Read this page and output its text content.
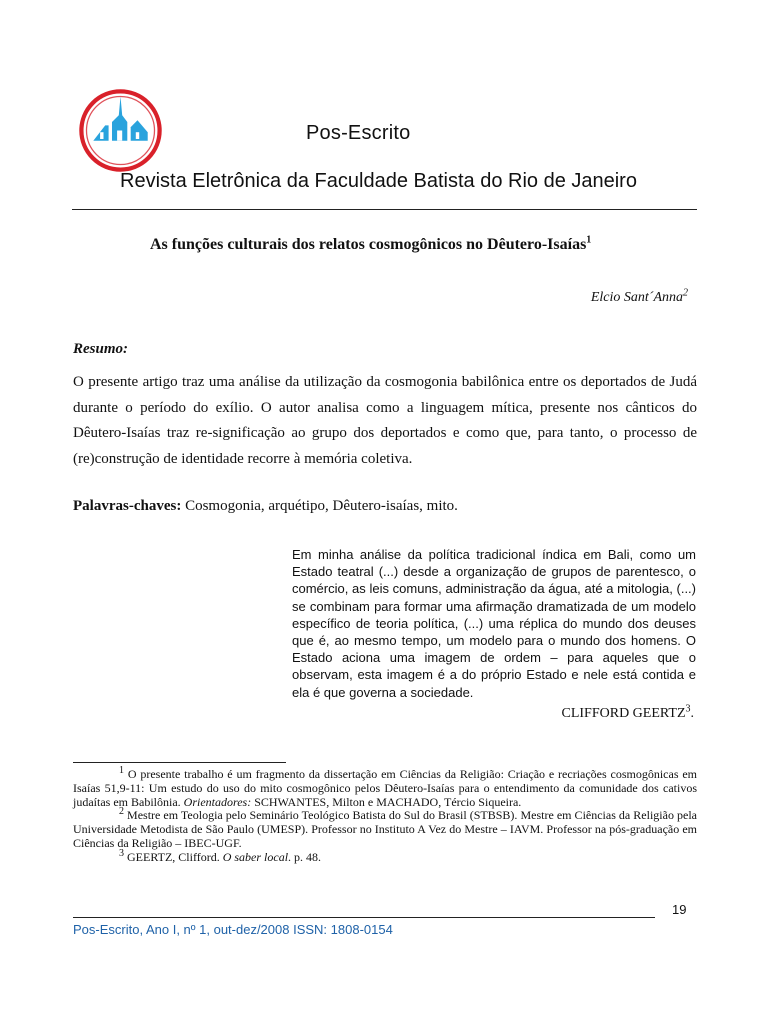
Pos-Escrito
Revista Eletrônica da Faculdade Batista do Rio de Janeiro
As funções culturais dos relatos cosmogônicos no Dêutero-Isaías$^1$
Elcio Sant´Anna$^2$
Resumo:

O presente artigo traz uma análise da utilização da cosmogonia babilônica entre os deportados de Judá durante o período do exílio. O autor analisa como a linguagem mítica, presente nos cânticos do Dêutero-Isaías traz re-significação ao grupo dos deportados e como que, para tanto, o processo de (re)construção de identidade recorre à memória coletiva.

Palavras-chaves: Cosmogonia, arquétipo, Dêutero-isaías, mito.

Em minha análise da política tradicional índica em Bali, como um Estado teatral (...) desde a organização de grupos de parentesco, o comércio, as leis comuns, administração da água, até a mitologia, (...) se combinam para formar uma afirmação dramatizada de um modelo específico de teoria política, (...) uma réplica do mundo dos deuses que é, ao mesmo tempo, um modelo para o mundo dos homens. O Estado aciona uma imagem de ordem – para aqueles que o observam, esta imagem é a do próprio Estado e nele está contida e ela é que governa a sociedade.

CLIFFORD GEERTZ$^3$.

$^1$ O presente trabalho é um fragmento da dissertação em Ciências da Religião: Criação e recriações cosmogônicas em Isaías 51,9-11: Um estudo do uso do mito cosmogônico pelos Dêutero-Isaías para o entendimento da comunidade dos cativos judaítas em Babilônia. Orientadores: SCHWANTES, Milton e MACHADO, Tércio Siqueira.

$^2$ Mestre em Teologia pelo Seminário Teológico Batista do Sul do Brasil (STBSB). Mestre em Ciências da Religião pela Universidade Metodista de São Paulo (UMESP). Professor no Instituto A Vez do Mestre – IAVM. Professor na pós-graduação em Ciências da Religião – IBEC-UGF.

$^3$ GEERTZ, Clifford. O saber local. p. 48.

19
Pos-Escrito, Ano I, nº 1, out-dez/2008 ISSN: 1808-0154
